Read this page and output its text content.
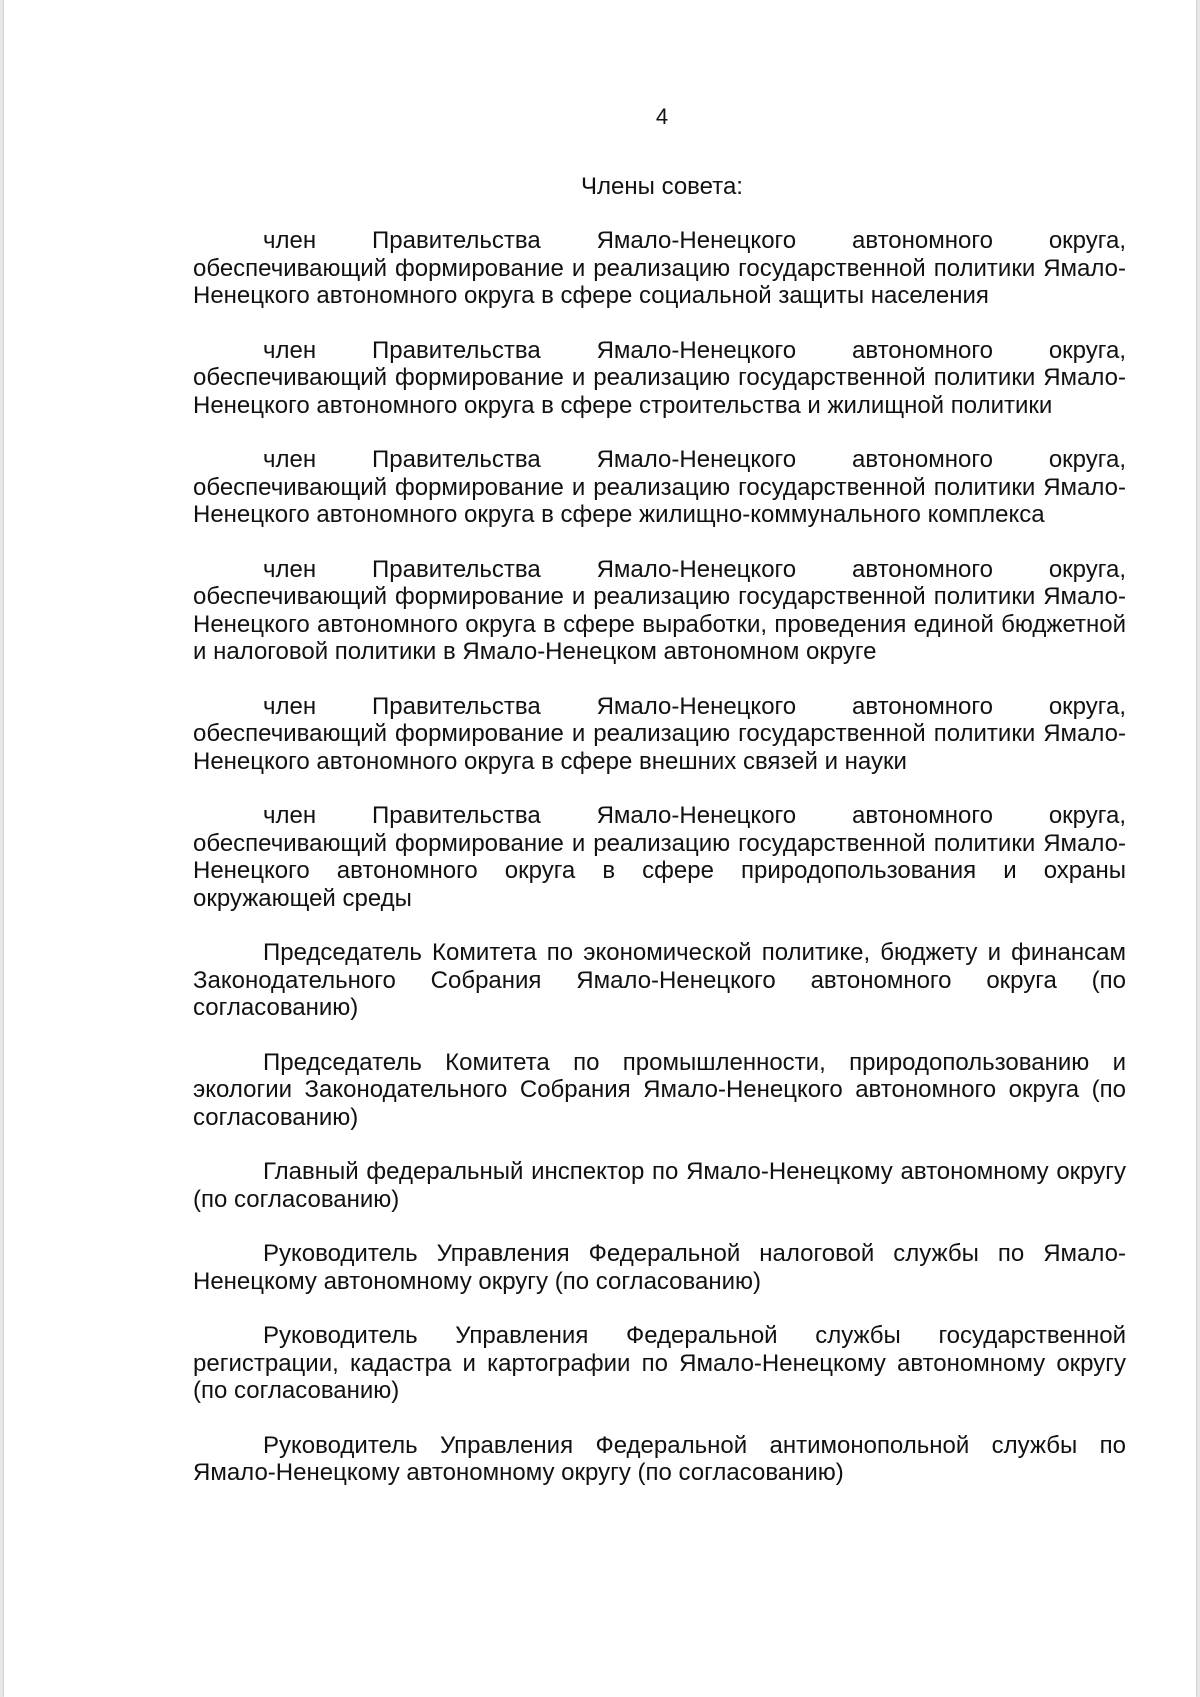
4

Члены совета:

член Правительства Ямало-Ненецкого автономного округа, обеспечивающий формирование и реализацию государственной политики Ямало-Ненецкого автономного округа в сфере социальной защиты населения

член Правительства Ямало-Ненецкого автономного округа, обеспечивающий формирование и реализацию государственной политики Ямало-Ненецкого автономного округа в сфере строительства и жилищной политики

член Правительства Ямало-Ненецкого автономного округа, обеспечивающий формирование и реализацию государственной политики Ямало-Ненецкого автономного округа в сфере жилищно-коммунального комплекса

член Правительства Ямало-Ненецкого автономного округа, обеспечивающий формирование и реализацию государственной политики Ямало-Ненецкого автономного округа в сфере выработки, проведения единой бюджетной и налоговой политики в Ямало-Ненецком автономном округе

член Правительства Ямало-Ненецкого автономного округа, обеспечивающий формирование и реализацию государственной политики Ямало-Ненецкого автономного округа в сфере внешних связей и науки

член Правительства Ямало-Ненецкого автономного округа, обеспечивающий формирование и реализацию государственной политики Ямало-Ненецкого автономного округа в сфере природопользования и охраны окружающей среды

Председатель Комитета по экономической политике, бюджету и финансам Законодательного Собрания Ямало-Ненецкого автономного округа (по согласованию)

Председатель Комитета по промышленности, природопользованию и экологии Законодательного Собрания Ямало-Ненецкого автономного округа (по согласованию)

Главный федеральный инспектор по Ямало-Ненецкому автономному округу (по согласованию)

Руководитель Управления Федеральной налоговой службы по Ямало-Ненецкому автономному округу (по согласованию)

Руководитель Управления Федеральной службы государственной регистрации, кадастра и картографии по Ямало-Ненецкому автономному округу (по согласованию)

Руководитель Управления Федеральной антимонопольной службы по Ямало-Ненецкому автономному округу (по согласованию)
